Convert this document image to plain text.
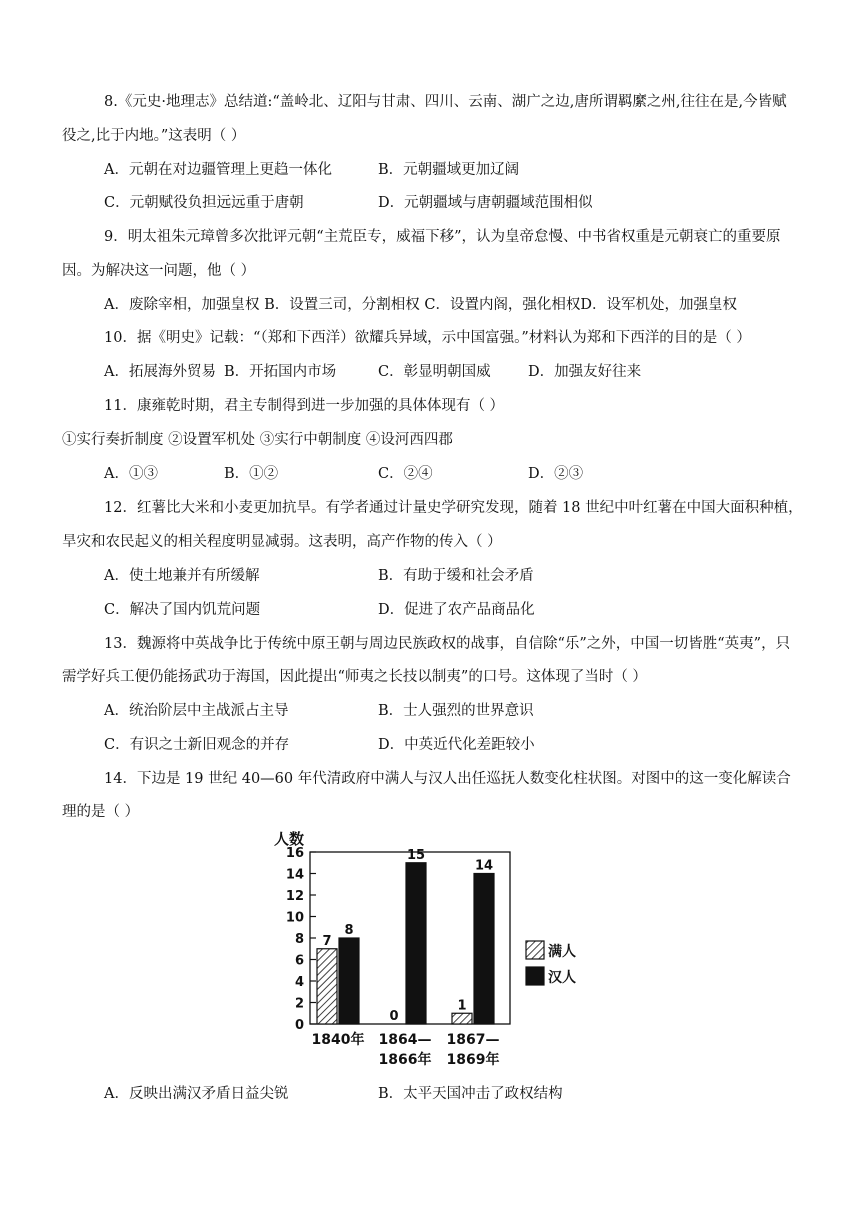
8.《元史·地理志》总结道:“盖岭北、辽阳与甘肃、四川、云南、湖广之边,唐所谓羁縻之州,往往在是,今皆赋
役之,比于内地。”这表明（ ）
A．元朝在对边疆管理上更趋一体化	B．元朝疆域更加辽阔
C．元朝赋役负担远远重于唐朝	D．元朝疆域与唐朝疆域范围相似
9．明太祖朱元璋曾多次批评元朝“主荒臣专，威福下移”，认为皇帝怠慢、中书省权重是元朝衰亡的重要原
因。为解决这一问题，他（ ）
A．废除宰相，加强皇权 B．设置三司，分割相权 C．设置内阁，强化相权D．设军机处，加强皇权
10．据《明史》记载：“（郑和下西洋）欲耀兵异域，示中国富强。”材料认为郑和下西洋的目的是（ ）
A．拓展海外贸易 B．开拓国内市场	C．彰显明朝国威	D．加强友好往来
11．康雍乾时期，君主专制得到进一步加强的具体体现有（ ）
①实行奏折制度 ②设置军机处 ③实行中朝制度 ④设河西四郡
A．①③	B．①②	C．②④	D．②③
12．红薯比大米和小麦更加抗旱。有学者通过计量史学研究发现，随着 18 世纪中叶红薯在中国大面积种植，
旱灾和农民起义的相关程度明显减弱。这表明，高产作物的传入（ ）
A．使土地兼并有所缓解	B．有助于缓和社会矛盾
C．解决了国内饥荒问题	D．促进了农产品商品化
13．魏源将中英战争比于传统中原王朝与周边民族政权的战事，自信除“乐”之外，中国一切皆胜“英夷”，只
需学好兵工便仍能扬武功于海国，因此提出“师夷之长技以制夷”的口号。这体现了当时（ ）
A．统治阶层中主战派占主导	B．士人强烈的世界意识
C．有识之士新旧观念的并存	D．中英近代化差距较小
14．下边是 19 世纪 40—60 年代清政府中满人与汉人出任巡抚人数变化柱状图。对图中的这一变化解读合
理的是（ ）
人数
16
14
12
10
8
6
4
2
0
7
8
1840年
0
15
1864—
1866年
1
14
1867—
1869年
满人
汉人
A．反映出满汉矛盾日益尖锐	B．太平天国冲击了政权结构
